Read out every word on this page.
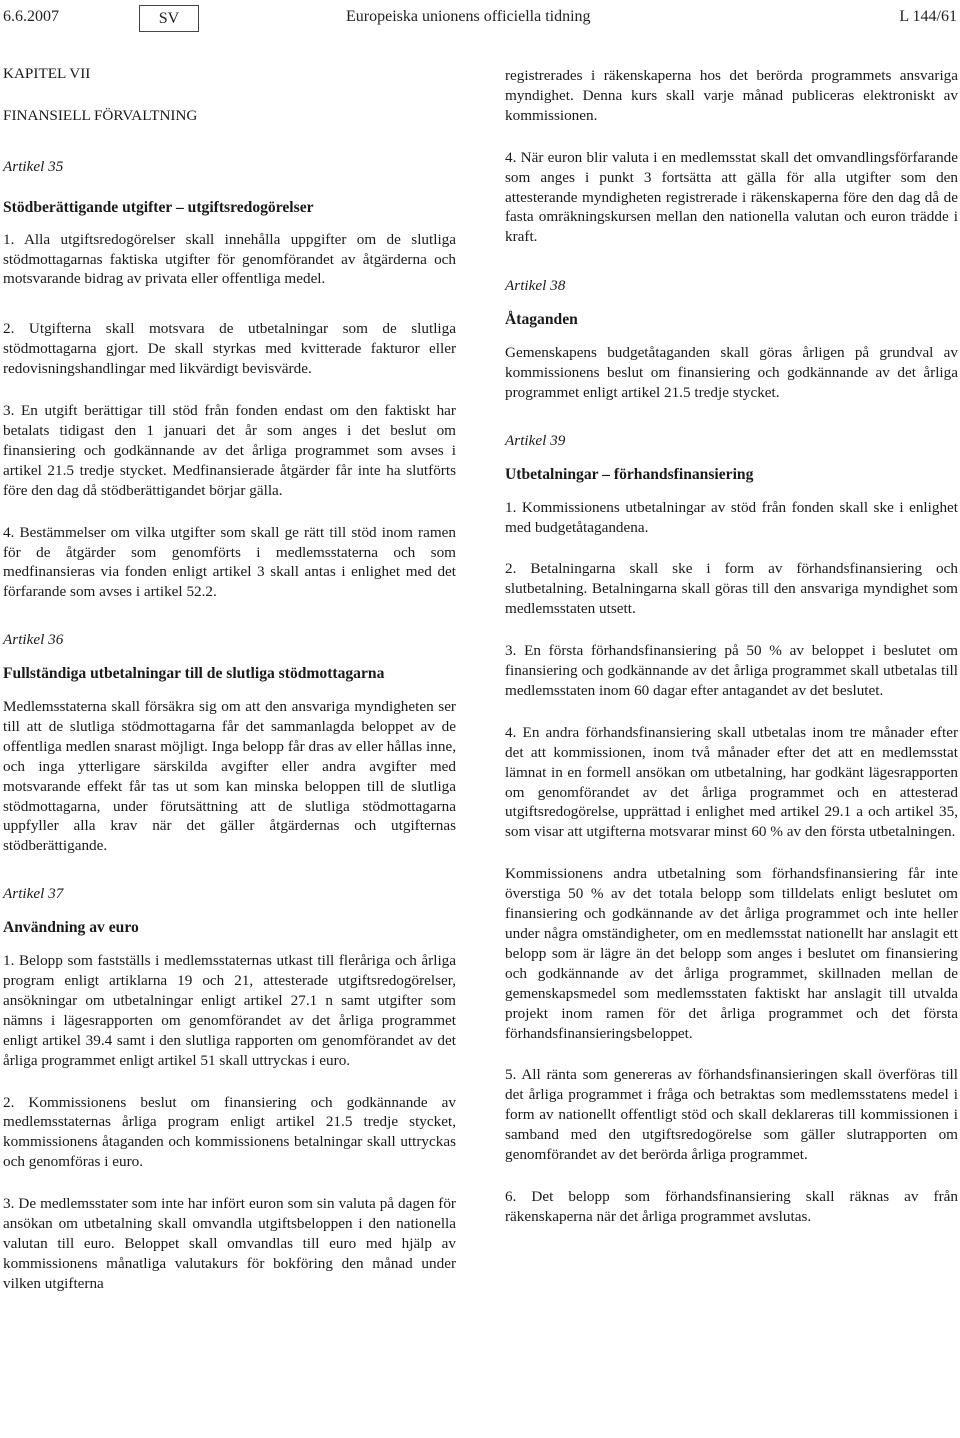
6.6.2007	SV	Europeiska unionens officiella tidning	L 144/61

KAPITEL VII

FINANSIELL FÖRVALTNING

Artikel 35

Stödberättigande utgifter – utgiftsredogörelser

1. Alla utgiftsredogörelser skall innehålla uppgifter om de slutliga stödmottagarnas faktiska utgifter för genomförandet av åtgärderna och motsvarande bidrag av privata eller offentliga medel.

2. Utgifterna skall motsvara de utbetalningar som de slutliga stödmottagarna gjort. De skall styrkas med kvitterade fakturor eller redovisningshandlingar med likvärdigt bevisvärde.

3. En utgift berättigar till stöd från fonden endast om den faktiskt har betalats tidigast den 1 januari det år som anges i det beslut om finansiering och godkännande av det årliga programmet som avses i artikel 21.5 tredje stycket. Medfinansierade åtgärder får inte ha slutförts före den dag då stödberättigandet börjar gälla.

4. Bestämmelser om vilka utgifter som skall ge rätt till stöd inom ramen för de åtgärder som genomförts i medlemsstaterna och som medfinansieras via fonden enligt artikel 3 skall antas i enlighet med det förfarande som avses i artikel 52.2.

Artikel 36

Fullständiga utbetalningar till de slutliga stödmottagarna

Medlemsstaterna skall försäkra sig om att den ansvariga myndigheten ser till att de slutliga stödmottagarna får det sammanlagda beloppet av de offentliga medlen snarast möjligt. Inga belopp får dras av eller hållas inne, och inga ytterligare särskilda avgifter eller andra avgifter med motsvarande effekt får tas ut som kan minska beloppen till de slutliga stödmottagarna, under förutsättning att de slutliga stödmottagarna uppfyller alla krav när det gäller åtgärdernas och utgifternas stödberättigande.

Artikel 37

Användning av euro

1. Belopp som fastställs i medlemsstaternas utkast till fleråriga och årliga program enligt artiklarna 19 och 21, attesterade utgiftsredogörelser, ansökningar om utbetalningar enligt artikel 27.1 n samt utgifter som nämns i lägesrapporten om genomförandet av det årliga programmet enligt artikel 39.4 samt i den slutliga rapporten om genomförandet av det årliga programmet enligt artikel 51 skall uttryckas i euro.

2. Kommissionens beslut om finansiering och godkännande av medlemsstaternas årliga program enligt artikel 21.5 tredje stycket, kommissionens åtaganden och kommissionens betalningar skall uttryckas och genomföras i euro.

3. De medlemsstater som inte har infört euron som sin valuta på dagen för ansökan om utbetalning skall omvandla utgiftsbeloppen i den nationella valutan till euro. Beloppet skall omvandlas till euro med hjälp av kommissionens månatliga valutakurs för bokföring den månad under vilken utgifterna

registrerades i räkenskaperna hos det berörda programmets ansvariga myndighet. Denna kurs skall varje månad publiceras elektroniskt av kommissionen.

4. När euron blir valuta i en medlemsstat skall det omvandlingsförfarande som anges i punkt 3 fortsätta att gälla för alla utgifter som den attesterande myndigheten registrerade i räkenskaperna före den dag då de fasta omräkningskursen mellan den nationella valutan och euron trädde i kraft.

Artikel 38

Åtaganden

Gemenskapens budgetåtaganden skall göras årligen på grundval av kommissionens beslut om finansiering och godkännande av det årliga programmet enligt artikel 21.5 tredje stycket.

Artikel 39

Utbetalningar – förhandsfinansiering

1. Kommissionens utbetalningar av stöd från fonden skall ske i enlighet med budgetåtagandena.

2. Betalningarna skall ske i form av förhandsfinansiering och slutbetalning. Betalningarna skall göras till den ansvariga myndighet som medlemsstaten utsett.

3. En första förhandsfinansiering på 50 % av beloppet i beslutet om finansiering och godkännande av det årliga programmet skall utbetalas till medlemsstaten inom 60 dagar efter antagandet av det beslutet.

4. En andra förhandsfinansiering skall utbetalas inom tre månader efter det att kommissionen, inom två månader efter det att en medlemsstat lämnat in en formell ansökan om utbetalning, har godkänt lägesrapporten om genomförandet av det årliga programmet och en attesterad utgiftsredogörelse, upprättad i enlighet med artikel 29.1 a och artikel 35, som visar att utgifterna motsvarar minst 60 % av den första utbetalningen.

Kommissionens andra utbetalning som förhandsfinansiering får inte överstiga 50 % av det totala belopp som tilldelats enligt beslutet om finansiering och godkännande av det årliga programmet och inte heller under några omständigheter, om en medlemsstat nationellt har anslagit ett belopp som är lägre än det belopp som anges i beslutet om finansiering och godkännande av det årliga programmet, skillnaden mellan de gemenskapsmedel som medlemsstaten faktiskt har anslagit till utvalda projekt inom ramen för det årliga programmet och det första förhandsfinansieringsbeloppet.

5. All ränta som genereras av förhandsfinansieringen skall överföras till det årliga programmet i fråga och betraktas som medlemsstatens medel i form av nationellt offentligt stöd och skall deklareras till kommissionen i samband med den utgiftsredogörelse som gäller slutrapporten om genomförandet av det berörda årliga programmet.

6. Det belopp som förhandsfinansiering skall räknas av från räkenskaperna när det årliga programmet avslutas.
